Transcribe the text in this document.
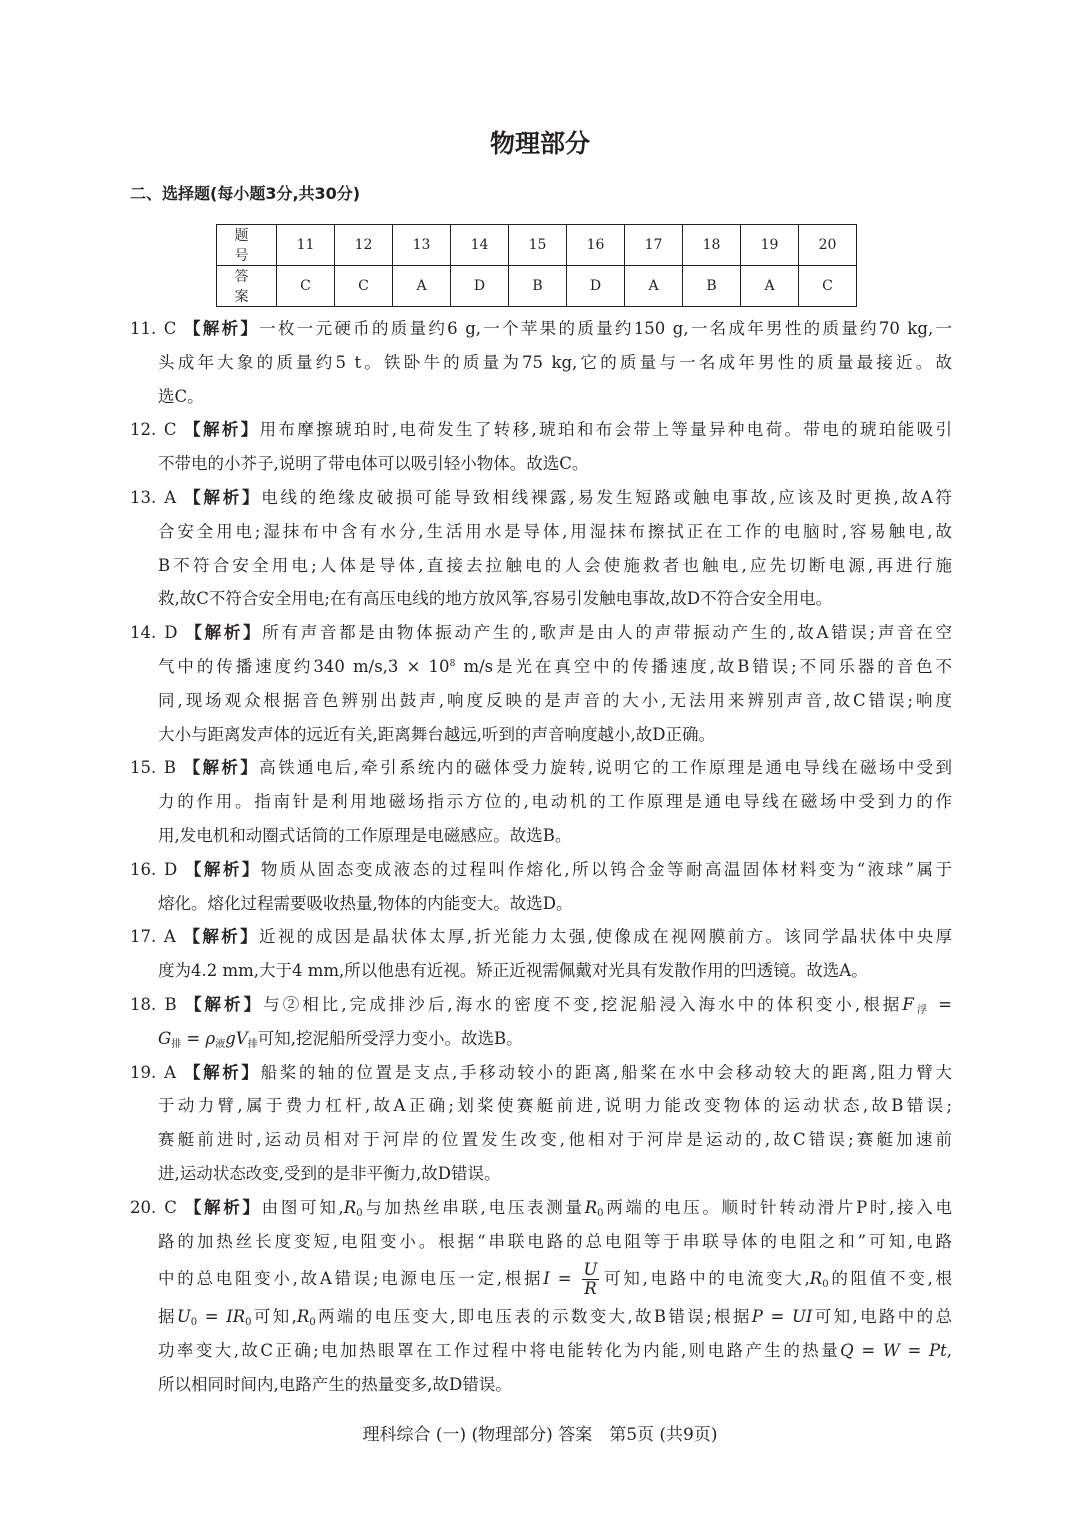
物理部分
二、选择题(每小题3分,共30分)
题 号	11	12	13	14	15	16	17	18	19	20
答 案	C	C	A	D	B	D	A	B	A	C
11. C 【解析】一枚一元硬币的质量约6 g,一个苹果的质量约150 g,一名成年男性的质量约70 kg,一
头成年大象的质量约5 t。铁卧牛的质量为75 kg,它的质量与一名成年男性的质量最接近。故
选C。
12. C 【解析】用布摩擦琥珀时,电荷发生了转移,琥珀和布会带上等量异种电荷。带电的琥珀能吸引
不带电的小芥子,说明了带电体可以吸引轻小物体。故选C。
13. A 【解析】电线的绝缘皮破损可能导致相线裸露,易发生短路或触电事故,应该及时更换,故A符
合安全用电;湿抹布中含有水分,生活用水是导体,用湿抹布擦拭正在工作的电脑时,容易触电,故
B不符合安全用电;人体是导体,直接去拉触电的人会使施救者也触电,应先切断电源,再进行施
救,故C不符合安全用电;在有高压电线的地方放风筝,容易引发触电事故,故D不符合安全用电。
14. D 【解析】所有声音都是由物体振动产生的,歌声是由人的声带振动产生的,故A错误;声音在空
气中的传播速度约340 $m/s,3 \times 10^8$ m/s是光在真空中的传播速度,故B错误;不同乐器的音色不
同,现场观众根据音色辨别出鼓声,响度反映的是声音的大小,无法用来辨别声音,故C错误;响度
大小与距离发声体的远近有关,距离舞台越远,听到的声音响度越小,故D正确。
15. B 【解析】高铁通电后,牵引系统内的磁体受力旋转,说明它的工作原理是通电导线在磁场中受到
力的作用。指南针是利用地磁场指示方位的,电动机的工作原理是通电导线在磁场中受到力的作
用,发电机和动圈式话筒的工作原理是电磁感应。故选B。
16. D 【解析】物质从固态变成液态的过程叫作熔化,所以钨合金等耐高温固体材料变为“液球”属于
熔化。熔化过程需要吸收热量,物体的内能变大。故选D。
17. A 【解析】近视的成因是晶状体太厚,折光能力太强,使像成在视网膜前方。该同学晶状体中央厚
度为4.2 mm,大于4 mm,所以他患有近视。矫正近视需佩戴对光具有发散作用的凹透镜。故选A。
18. B 【解析】与②相比,完成排沙后,海水的密度不变,挖泥船浸入海水中的体积变小,根据$F_浮$ =
$G_排 = \rho_液gV_排$可知,挖泥船所受浮力变小。故选B。
19. A 【解析】船桨的轴的位置是支点,手移动较小的距离,船桨在水中会移动较大的距离,阻力臂大
于动力臂,属于费力杠杆,故A正确;划桨使赛艇前进,说明力能改变物体的运动状态,故B错误;
赛艇前进时,运动员相对于河岸的位置发生改变,他相对于河岸是运动的,故C错误;赛艇加速前
进,运动状态改变,受到的是非平衡力,故D错误。
20. C 【解析】由图可知$,R_0$与加热丝串联,电压表测量$R_0$两端的电压。顺时针转动滑片P时,接入电
路的加热丝长度变短,电阻变小。根据“串联电路的总电阻等于串联导体的电阻之和”可知,电路
中的总电阻变小,故A错误;电源电压一定,根据$I = \frac{U}{R}$ 可知,电路中的电流变大$,R_0$的阻值不变,根
据$U_0 = IR_0$可知$,R_0$两端的电压变大,即电压表的示数变大,故B错误;根据P = UI可知,电路中的总
功率变大,故C正确;电加热眼罩在工作过程中将电能转化为内能,则电路产生的热量Q = W = Pt,
所以相同时间内,电路产生的热量变多,故D错误。
理科综合 (一) (物理部分) 答案　第5页 (共9页)
